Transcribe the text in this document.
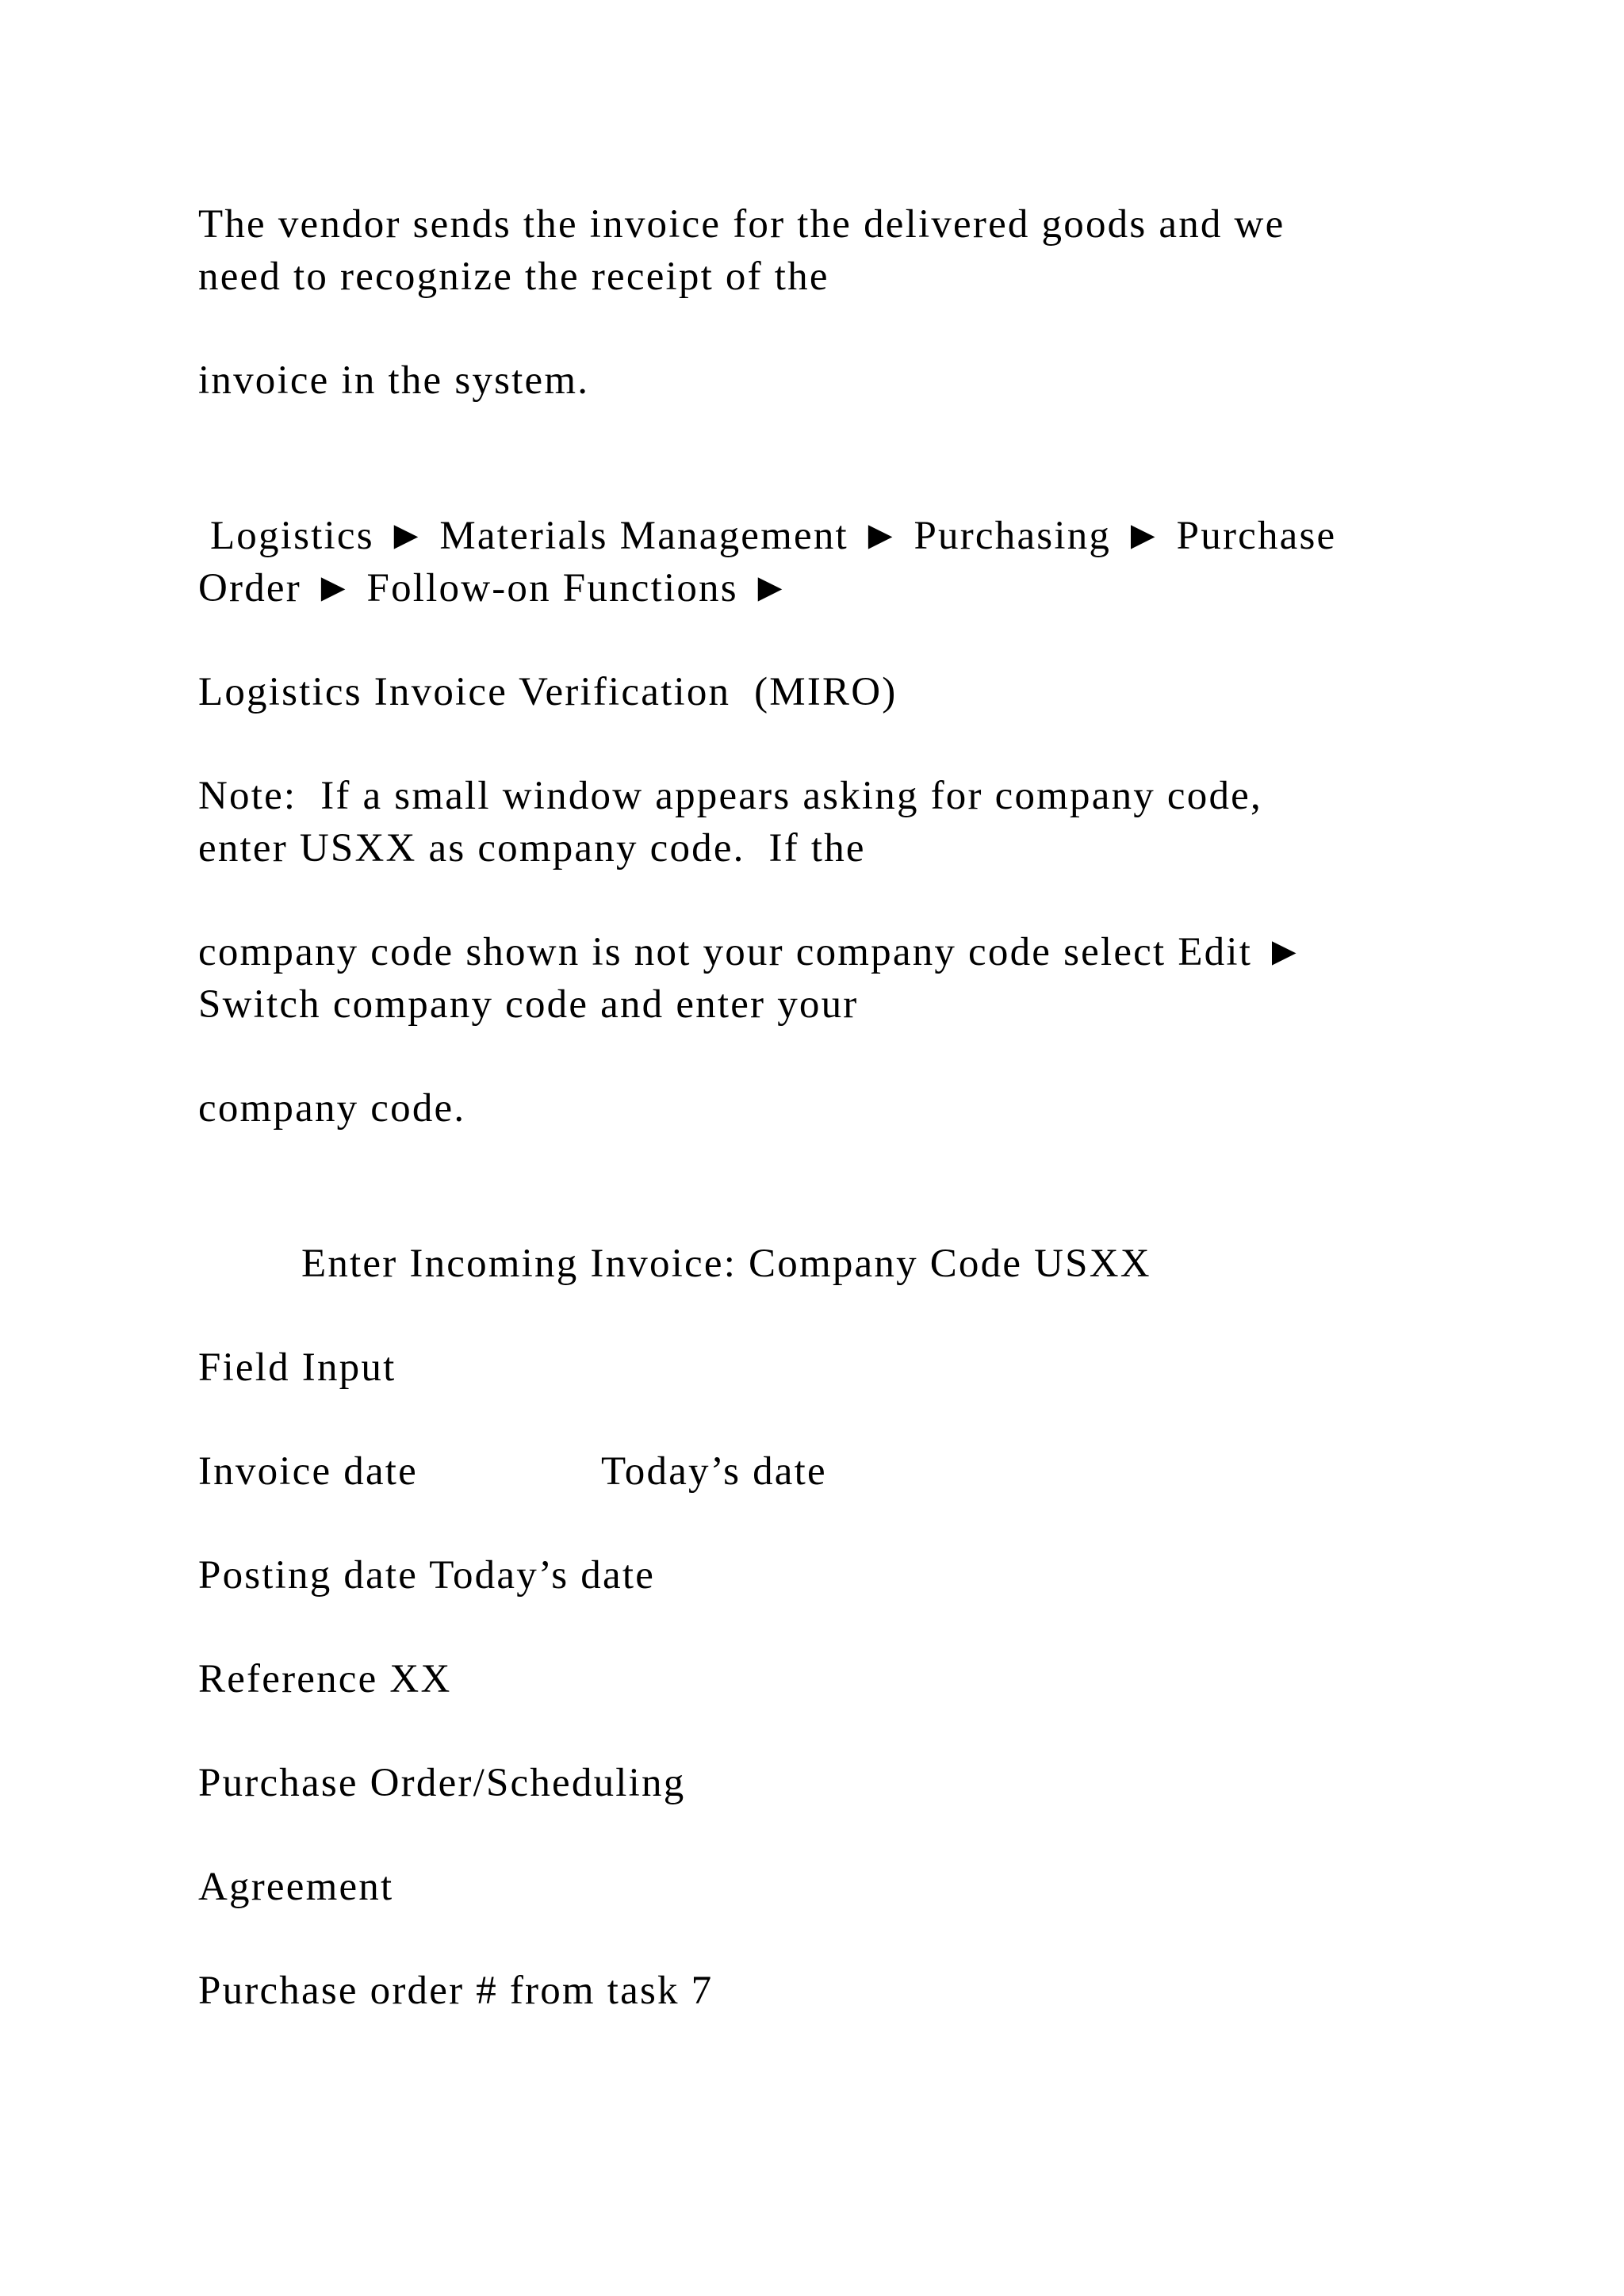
The vendor sends the invoice for the delivered goods and we
need to recognize the receipt of the
invoice in the system.
Logistics ► Materials Management ► Purchasing ► Purchase
Order ► Follow-on Functions ►
Logistics Invoice Verification  (MIRO)
Note:  If a small window appears asking for company code,
enter USXX as company code.  If the
company code shown is not your company code select Edit ►
Switch company code and enter your
company code.
Enter Incoming Invoice: Company Code USXX
Field Input
Invoice date	Today’s date
Posting date Today’s date
Reference XX
Purchase Order/Scheduling
Agreement
Purchase order # from task 7
